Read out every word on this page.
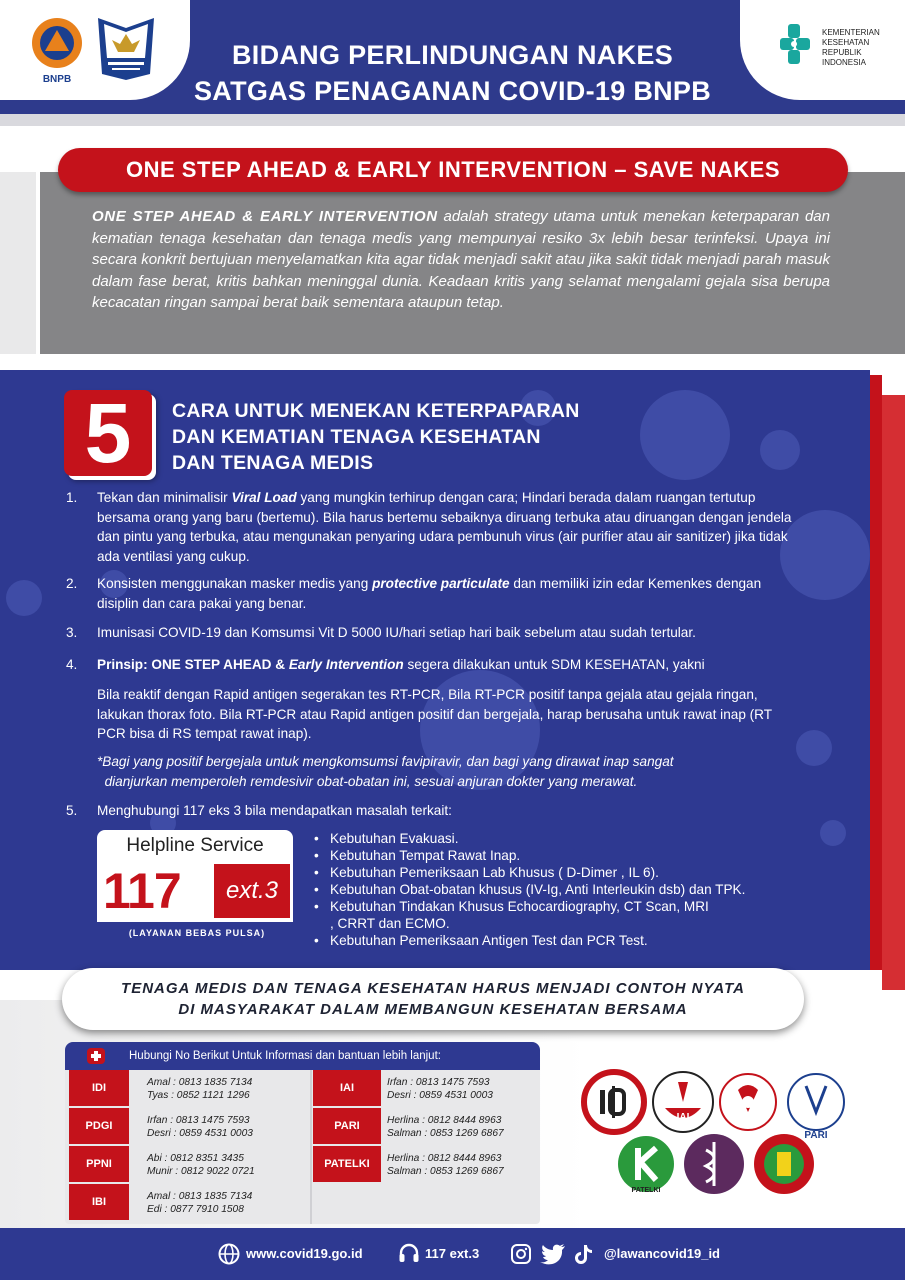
BNPB
BIDANG PERLINDUNGAN NAKES
SATGAS PENAGANAN COVID-19 BNPB
KEMENTERIAN
KESEHATAN
REPUBLIK
INDONESIA
ONE STEP AHEAD & EARLY INTERVENTION – SAVE NAKES
ONE STEP AHEAD & EARLY INTERVENTION adalah strategy utama untuk menekan keterpaparan dan kematian tenaga kesehatan dan tenaga medis yang mempunyai resiko 3x lebih besar terinfeksi. Upaya ini secara konkrit bertujuan menyelamatkan kita agar tidak menjadi sakit atau jika sakit tidak menjadi parah masuk dalam fase berat, kritis bahkan meninggal dunia. Keadaan kritis yang selamat mengalami gejala sisa berupa kecacatan ringan sampai berat baik sementara ataupun tetap.
5	CARA UNTUK MENEKAN KETERPAPARAN
DAN KEMATIAN TENAGA KESEHATAN
DAN TENAGA MEDIS
1.	Tekan dan minimalisir Viral Load yang mungkin terhirup dengan cara; Hindari berada dalam ruangan tertutup bersama orang yang baru (bertemu). Bila harus bertemu sebaiknya diruang terbuka atau diruangan dengan jendela dan pintu yang terbuka, atau mengunakan penyaring udara pembunuh virus (air purifier atau air sanitizer) jika tidak ada ventilasi yang cukup.
2.	Konsisten menggunakan masker medis yang protective particulate dan memiliki izin edar Kemenkes dengan disiplin dan cara pakai yang benar.
3.	Imunisasi COVID-19 dan Komsumsi Vit D 5000 IU/hari setiap hari baik sebelum atau sudah tertular.
4.	Prinsip: ONE STEP AHEAD & Early Intervention segera dilakukan untuk SDM KESEHATAN, yakni
Bila reaktif dengan Rapid antigen segerakan tes RT-PCR, Bila RT-PCR positif tanpa gejala atau gejala ringan, lakukan thorax foto. Bila RT-PCR atau Rapid antigen positif dan bergejala, harap berusaha untuk rawat inap (RT PCR bisa di RS tempat rawat inap).
*Bagi yang positif bergejala untuk mengkomsumsi favipiravir, dan bagi yang dirawat inap sangat
dianjurkan memperoleh remdesivir obat-obatan ini, sesuai anjuran dokter yang merawat.
5.	Menghubungi 117 eks 3 bila mendapatkan masalah terkait:
Helpline Service
117	ext.3
(LAYANAN BEBAS PULSA)
• Kebutuhan Evakuasi.
• Kebutuhan Tempat Rawat Inap.
• Kebutuhan Pemeriksaan Lab Khusus ( D-Dimer , IL 6).
• Kebutuhan Obat-obatan khusus (IV-Ig, Anti Interleukin dsb) dan TPK.
• Kebutuhan Tindakan Khusus Echocardiography, CT Scan, MRI , CRRT dan ECMO.
• Kebutuhan Pemeriksaan Antigen Test dan PCR Test.
TENAGA MEDIS DAN TENAGA KESEHATAN HARUS MENJADI CONTOH NYATA
DI MASYARAKAT DALAM MEMBANGUN KESEHATAN BERSAMA
Hubungi No Berikut Untuk Informasi dan bantuan lebih lanjut:
IDI	Amal : 0813 1835 7134
Tyas : 0852 1121 1296
PDGI	Irfan : 0813 1475 7593
Desri : 0859 4531 0003
PPNI	Abi : 0812 8351 3435
Munir : 0812 9022 0721
IBI	Amal : 0813 1835 7134
Edi : 0877 7910 1508
IAI	Irfan : 0813 1475 7593
Desri : 0859 4531 0003
PARI	Herlina : 0812 8444 8963
Salman : 0853 1269 6867
PATELKI	Herlina : 0812 8444 8963
Salman : 0853 1269 6867
IAI
PARI
PATELKI
www.covid19.go.id	117 ext.3	@lawancovid19_id
